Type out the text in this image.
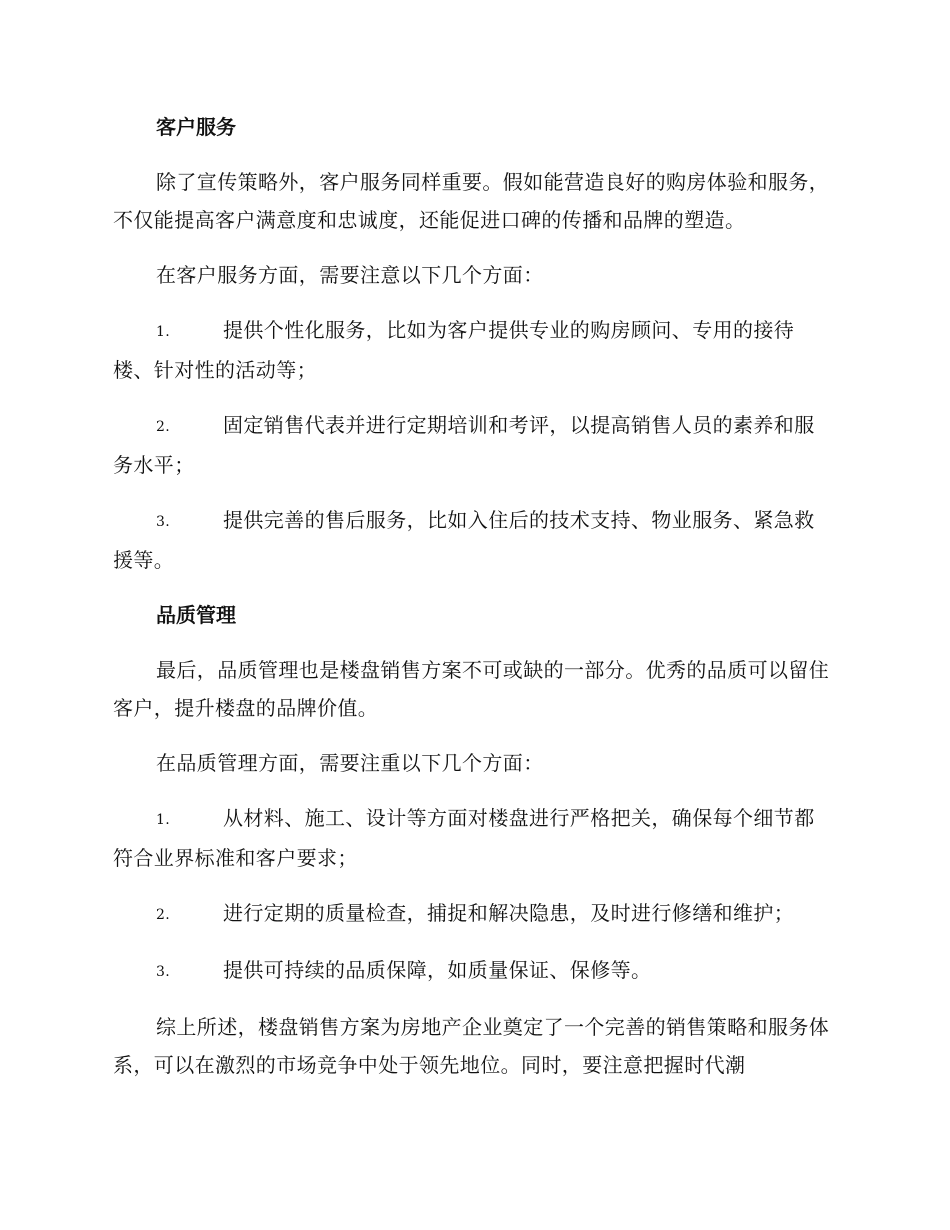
客户服务

除了宣传策略外，客户服务同样重要。假如能营造良好的购房体验和服务，不仅能提高客户满意度和忠诚度，还能促进口碑的传播和品牌的塑造。

在客户服务方面，需要注意以下几个方面：

1.	提供个性化服务，比如为客户提供专业的购房顾问、专用的接待楼、针对性的活动等；

2.	固定销售代表并进行定期培训和考评，以提高销售人员的素养和服务水平；

3.	提供完善的售后服务，比如入住后的技术支持、物业服务、紧急救援等。

品质管理

最后，品质管理也是楼盘销售方案不可或缺的一部分。优秀的品质可以留住客户，提升楼盘的品牌价值。

在品质管理方面，需要注重以下几个方面：

1.	从材料、施工、设计等方面对楼盘进行严格把关，确保每个细节都符合业界标准和客户要求；

2.	进行定期的质量检查，捕捉和解决隐患，及时进行修缮和维护；

3.	提供可持续的品质保障，如质量保证、保修等。

综上所述，楼盘销售方案为房地产企业奠定了一个完善的销售策略和服务体系，可以在激烈的市场竞争中处于领先地位。同时，要注意把握时代潮
